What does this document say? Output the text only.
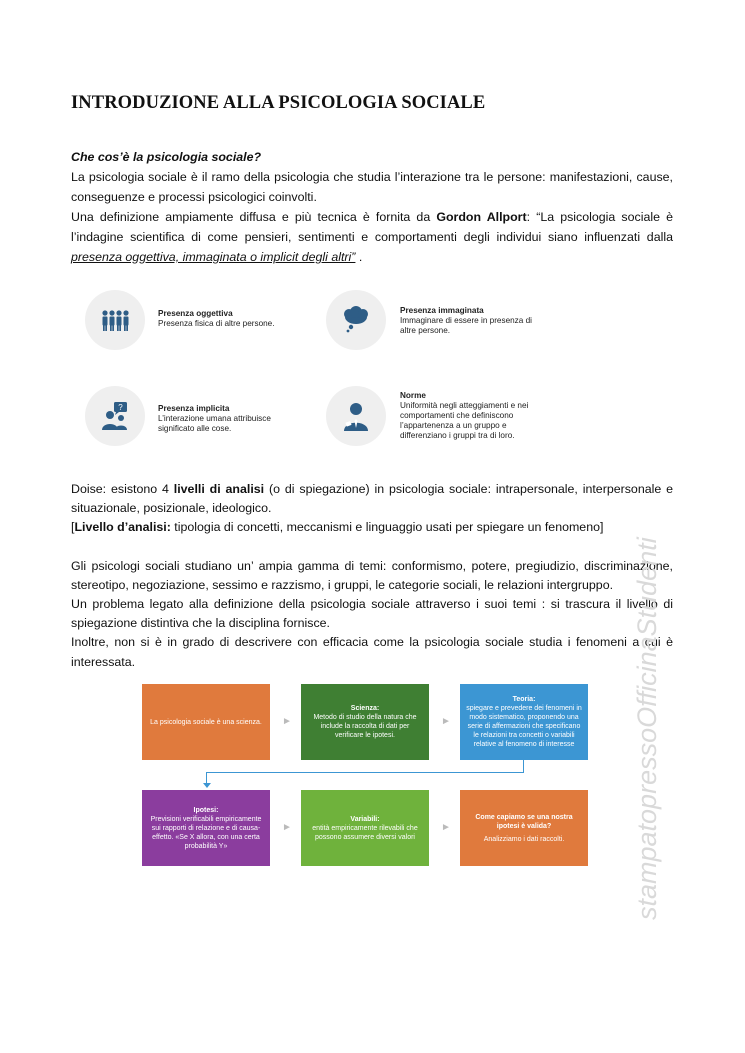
INTRODUZIONE ALLA PSICOLOGIA SOCIALE

Che cos’è la psicologia sociale?

La psicologia sociale è il ramo della psicologia che studia l’interazione tra le persone: manifestazioni, cause, conseguenze e processi psicologici coinvolti.

Una definizione ampiamente diffusa e più tecnica è fornita da Gordon Allport: “La psicologia sociale è l’indagine scientifica di come pensieri, sentimenti e comportamenti degli individui siano influenzati dalla presenza oggettiva, immaginata o implicit degli altri” .

Presenza oggettiva
Presenza fisica di altre persone.
Presenza immaginata
Immaginare di essere in presenza di altre persone.
?	Presenza implicita
L’interazione umana attribuisce significato alle cose.
Norme
Uniformità negli atteggiamenti e nei comportamenti che definiscono l’appartenenza a un gruppo e differenziano i gruppi tra di loro.

Doise: esistono 4 livelli di analisi (o di spiegazione) in psicologia sociale: intrapersonale, interpersonale e situazionale, posizionale, ideologico.

[Livello d’analisi: tipologia di concetti, meccanismi e linguaggio usati per spiegare un fenomeno]

Gli psicologi sociali studiano un’ ampia gamma di temi: conformismo, potere, pregiudizio, discriminazione, stereotipo, negoziazione, sessimo e razzismo, i gruppi, le categorie sociali, le relazioni intergruppo.

Un problema legato alla definizione della psicologia sociale attraverso i suoi temi : si trascura il livello di spiegazione distintiva che la disciplina fornisce.

Inoltre, non si è in grado di descrivere con efficacia come la psicologia sociale studia i fenomeni a cui è interessata.

La psicologia sociale è una scienza. ►
Scienza:
Metodo di studio della natura che include la raccolta di dati per verificare le ipotesi.
►
Teoria:
spiegare e prevedere dei fenomeni in modo sistematico, proponendo una serie di affermazioni che specificano le relazioni tra concetti o variabili relative al fenomeno di interesse
Ipotesi:
Previsioni verificabili empiricamente sui rapporti di relazione e di causa-effetto. «Se X allora, con una certa probabilità Y»
►
Variabili:
entità empiricamente rilevabili che possono assumere diversi valori
►
Come capiamo se una nostra ipotesi è valida?
Analizziamo i dati raccolti.	stampatopressoOfficinaStudenti
